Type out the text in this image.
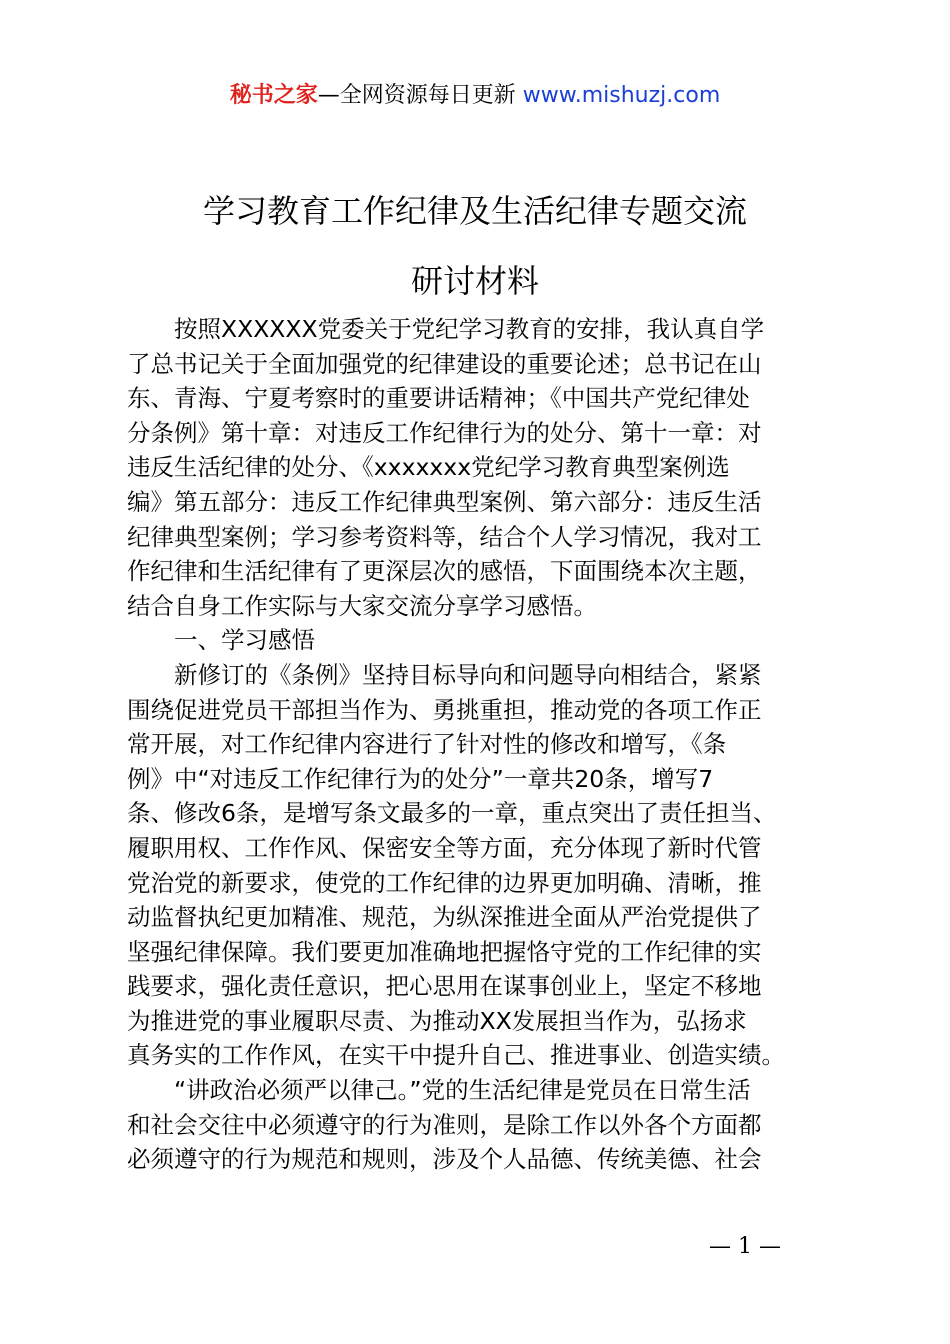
秘书之家—全网资源每日更新 www.mishuzj.com
学习教育工作纪律及生活纪律专题交流
研讨材料
　　按照XXXXXX党委关于党纪学习教育的安排，我认真自学
了总书记关于全面加强党的纪律建设的重要论述；总书记在山
东、青海、宁夏考察时的重要讲话精神；《中国共产党纪律处
分条例》第十章：对违反工作纪律行为的处分、第十一章：对
违反生活纪律的处分、《xxxxxxx党纪学习教育典型案例选
编》第五部分：违反工作纪律典型案例、第六部分：违反生活
纪律典型案例；学习参考资料等，结合个人学习情况，我对工
作纪律和生活纪律有了更深层次的感悟，下面围绕本次主题，
结合自身工作实际与大家交流分享学习感悟。
　　一、学习感悟
　　新修订的《条例》坚持目标导向和问题导向相结合，紧紧
围绕促进党员干部担当作为、勇挑重担，推动党的各项工作正
常开展，对工作纪律内容进行了针对性的修改和增写，《条
例》中“对违反工作纪律行为的处分”一章共20条，增写7
条、修改6条，是增写条文最多的一章，重点突出了责任担当、
履职用权、工作作风、保密安全等方面，充分体现了新时代管
党治党的新要求，使党的工作纪律的边界更加明确、清晰，推
动监督执纪更加精准、规范，为纵深推进全面从严治党提供了
坚强纪律保障。我们要更加准确地把握恪守党的工作纪律的实
践要求，强化责任意识，把心思用在谋事创业上，坚定不移地
为推进党的事业履职尽责、为推动XX发展担当作为，弘扬求
真务实的工作作风，在实干中提升自己、推进事业、创造实绩。
　　“讲政治必须严以律己。”党的生活纪律是党员在日常生活
和社会交往中必须遵守的行为准则，是除工作以外各个方面都
必须遵守的行为规范和规则，涉及个人品德、传统美德、社会
— 1 —
